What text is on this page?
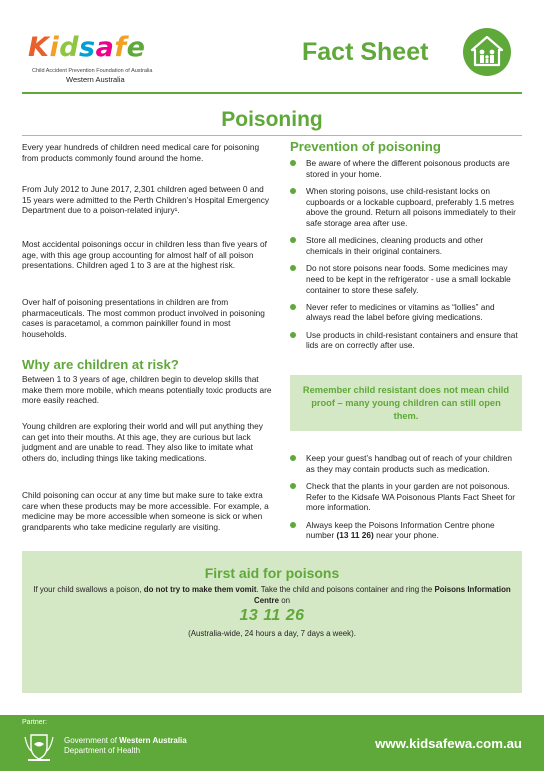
Kidsafe
Child Accident Prevention Foundation of Australia
Western Australia
Fact Sheet
Poisoning
Every year hundreds of children need medical care for poisoning from products commonly found around the home.
From July 2012 to June 2017, 2,301 children aged between 0 and 15 years were admitted to the Perth Children’s Hospital Emergency Department due to a poison-related injury¹.
Most accidental poisonings occur in children less than five years of age, with this age group accounting for almost half of all poison presentations. Children aged 1 to 3 are at the highest risk.
Over half of poisoning presentations in children are from pharmaceuticals. The most common product involved in poisoning cases is paracetamol, a common painkiller found in most households.
Why are children at risk?
Between 1 to 3 years of age, children begin to develop skills that make them more mobile, which means potentially toxic products are more easily reached.
Young children are exploring their world and will put anything they can get into their mouths. At this age, they are curious but lack judgment and are unable to read. They also like to imitate what others do, including things like taking medications.
Child poisoning can occur at any time but make sure to take extra care when these products may be more accessible. For example, a medicine may be more accessible when someone is sick or when grandparents who take medicine regularly are visiting.
Prevention of poisoning
Be aware of where the different poisonous products are stored in your home.
When storing poisons, use child-resistant locks on cupboards or a lockable cupboard, preferably 1.5 metres above the ground. Return all poisons immediately to their safe storage area after use.
Store all medicines, cleaning products and other chemicals in their original containers.
Do not store poisons near foods. Some medicines may need to be kept in the refrigerator - use a small lockable container to store these safely.
Never refer to medicines or vitamins as “lollies” and always read the label before giving medications.
Use products in child-resistant containers and ensure that lids are on correctly after use.
Remember child resistant does not mean child proof – many young children can still open them.
Keep your guest’s handbag out of reach of your children as they may contain products such as medication.
Check that the plants in your garden are not poisonous. Refer to the Kidsafe WA Poisonous Plants Fact Sheet for more information.
Always keep the Poisons Information Centre phone number (13 11 26) near your phone.
First aid for poisons
If your child swallows a poison, do not try to make them vomit. Take the child and poisons container and ring the Poisons Information Centre on
13 11 26
(Australia-wide, 24 hours a day, 7 days a week).
Partner:
Government of Western Australia
Department of Health	www.kidsafewa.com.au
